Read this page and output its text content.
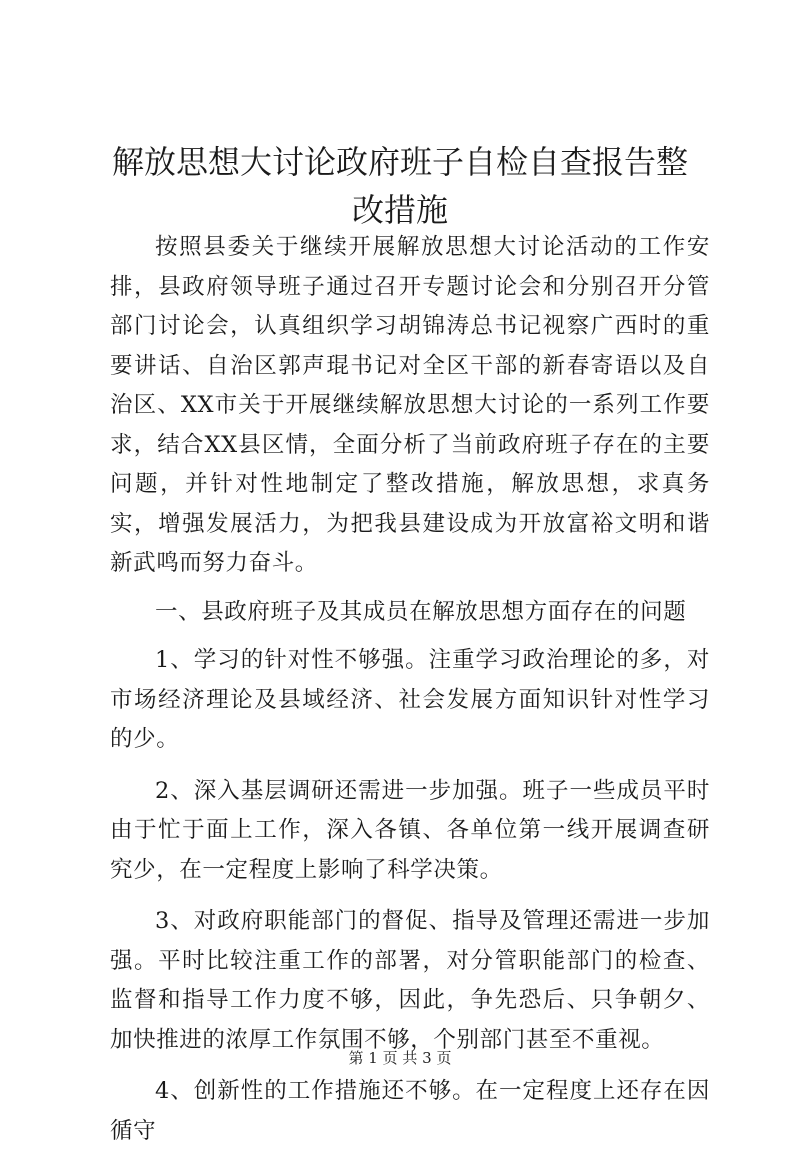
解放思想大讨论政府班子自检自查报告整改措施

按照县委关于继续开展解放思想大讨论活动的工作安排，县政府领导班子通过召开专题讨论会和分别召开分管部门讨论会，认真组织学习胡锦涛总书记视察广西时的重要讲话、自治区郭声琨书记对全区干部的新春寄语以及自治区、XX市关于开展继续解放思想大讨论的一系列工作要求，结合XX县区情，全面分析了当前政府班子存在的主要问题，并针对性地制定了整改措施，解放思想，求真务实，增强发展活力，为把我县建设成为开放富裕文明和谐新武鸣而努力奋斗。

一、县政府班子及其成员在解放思想方面存在的问题

1、学习的针对性不够强。注重学习政治理论的多，对市场经济理论及县域经济、社会发展方面知识针对性学习的少。

2、深入基层调研还需进一步加强。班子一些成员平时由于忙于面上工作，深入各镇、各单位第一线开展调查研究少，在一定程度上影响了科学决策。

3、对政府职能部门的督促、指导及管理还需进一步加强。平时比较注重工作的部署，对分管职能部门的检查、监督和指导工作力度不够，因此，争先恐后、只争朝夕、加快推进的浓厚工作氛围不够，个别部门甚至不重视。

4、创新性的工作措施还不够。在一定程度上还存在因循守

第 1 页 共 3 页
